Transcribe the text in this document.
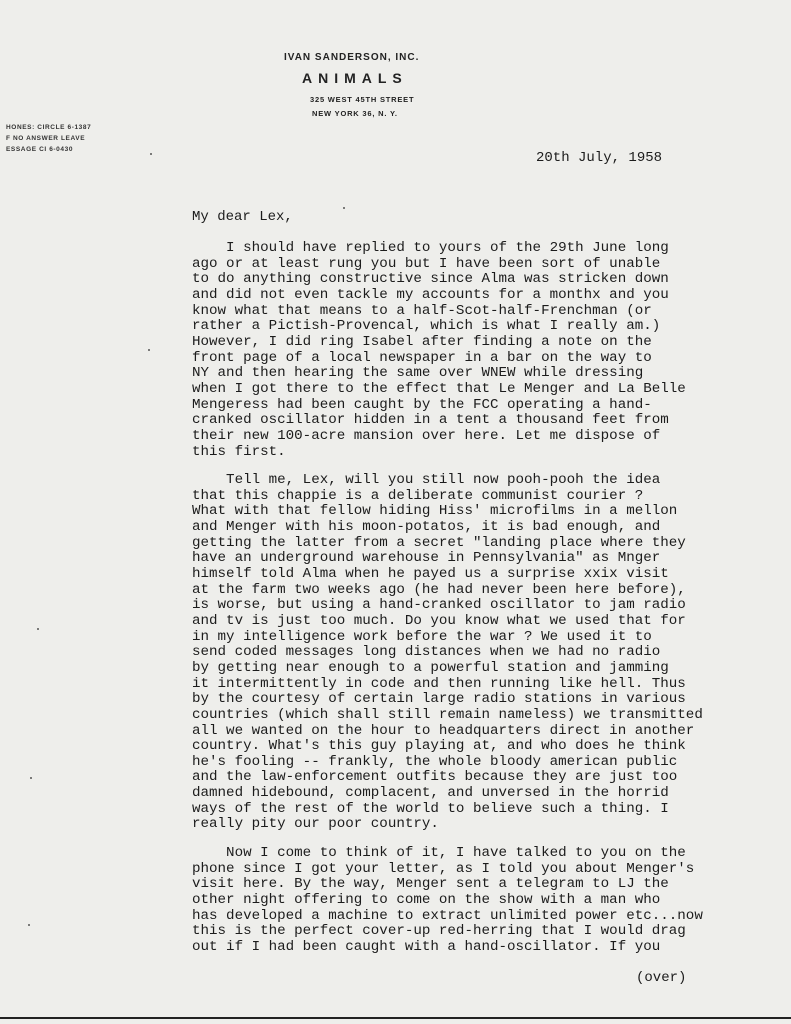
IVAN SANDERSON, INC.
ANIMALS
325 WEST 45TH STREET
NEW YORK 36, N. Y.
HONES: CIRCLE 6-1387
F NO ANSWER LEAVE
ESSAGE CI 6-0430
20th July, 1958
My dear Lex,
I should have replied to yours of the 29th June long
ago or at least rung you but I have been sort of unable
to do anything constructive since Alma was stricken down
and did not even tackle my accounts for a monthx and you
know what that means to a half-Scot-half-Frenchman (or
rather a Pictish-Provencal, which is what I really am.)
However, I did ring Isabel after finding a note on the
front page of a local newspaper in a bar on the way to
NY and then hearing the same over WNEW while dressing
when I got there to the effect that Le Menger and La Belle
Mengeress had been caught by the FCC operating a hand-
cranked oscillator hidden in a tent a thousand feet from
their new 100-acre mansion over here. Let me dispose of
this first.
Tell me, Lex, will you still now pooh-pooh the idea
that this chappie is a deliberate communist courier ?
What with that fellow hiding Hiss' microfilms in a mellon
and Menger with his moon-potatos, it is bad enough, and
getting the latter from a secret "landing place where they
have an underground warehouse in Pennsylvania" as Mnger
himself told Alma when he payed us a surprise xxix visit
at the farm two weeks ago (he had never been here before),
is worse, but using a hand-cranked oscillator to jam radio
and tv is just too much. Do you know what we used that for
in my intelligence work before the war ? We used it to
send coded messages long distances when we had no radio
by getting near enough to a powerful station and jamming
it intermittently in code and then running like hell. Thus
by the courtesy of certain large radio stations in various
countries (which shall still remain nameless) we transmitted
all we wanted on the hour to headquarters direct in another
country. What's this guy playing at, and who does he think
he's fooling -- frankly, the whole bloody american public
and the law-enforcement outfits because they are just too
damned hidebound, complacent, and unversed in the horrid
ways of the rest of the world to believe such a thing. I
really pity our poor country.
Now I come to think of it, I have talked to you on the
phone since I got your letter, as I told you about Menger's
visit here. By the way, Menger sent a telegram to LJ the
other night offering to come on the show with a man who
has developed a machine to extract unlimited power etc...now
this is the perfect cover-up red-herring that I would drag
out if I had been caught with a hand-oscillator. If you
(over)
